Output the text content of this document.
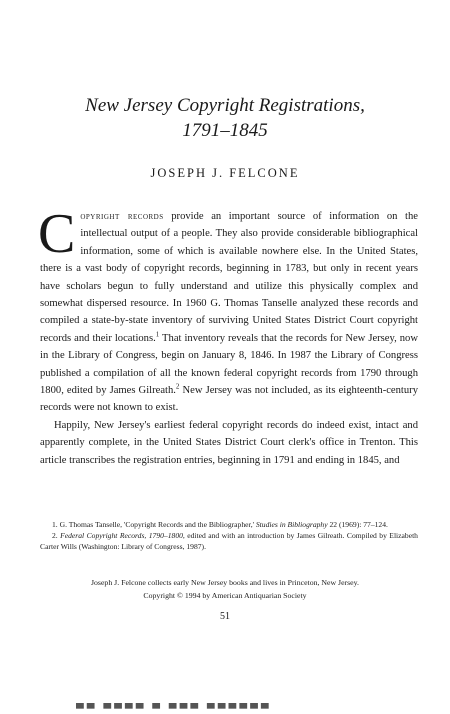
New Jersey Copyright Registrations,
1791–1845
JOSEPH J. FELCONE

Copyright records provide an important source of information on the intellectual output of a people. They also provide considerable bibliographical information, some of which is available nowhere else. In the United States, there is a vast body of copyright records, beginning in 1783, but only in recent years have scholars begun to fully understand and utilize this physically complex and somewhat dispersed resource. In 1960 G. Thomas Tanselle analyzed these records and compiled a state-by-state inventory of surviving United States District Court copyright records and their locations.$^1$ That inventory reveals that the records for New Jersey, now in the Library of Congress, begin on January 8, 1846. In 1987 the Library of Congress published a compilation of all the known federal copyright records from 1790 through 1800, edited by James Gilreath.$^2$ New Jersey was not included, as its eighteenth-century records were not known to exist.

Happily, New Jersey's earliest federal copyright records do indeed exist, intact and apparently complete, in the United States District Court clerk's office in Trenton. This article transcribes the registration entries, beginning in 1791 and ending in 1845, and

1. G. Thomas Tanselle, 'Copyright Records and the Bibliographer,' Studies in Bibliography 22 (1969): 77–124.

2. Federal Copyright Records, 1790–1800, edited and with an introduction by James Gilreath. Compiled by Elizabeth Carter Wills (Washington: Library of Congress, 1987).

Joseph J. Felcone collects early New Jersey books and lives in Princeton, New Jersey.
Copyright © 1994 by American Antiquarian Society
51
▀▀ ▀▀▀▀ ▀ ▀▀▀ ▀▀▀▀▀▀
